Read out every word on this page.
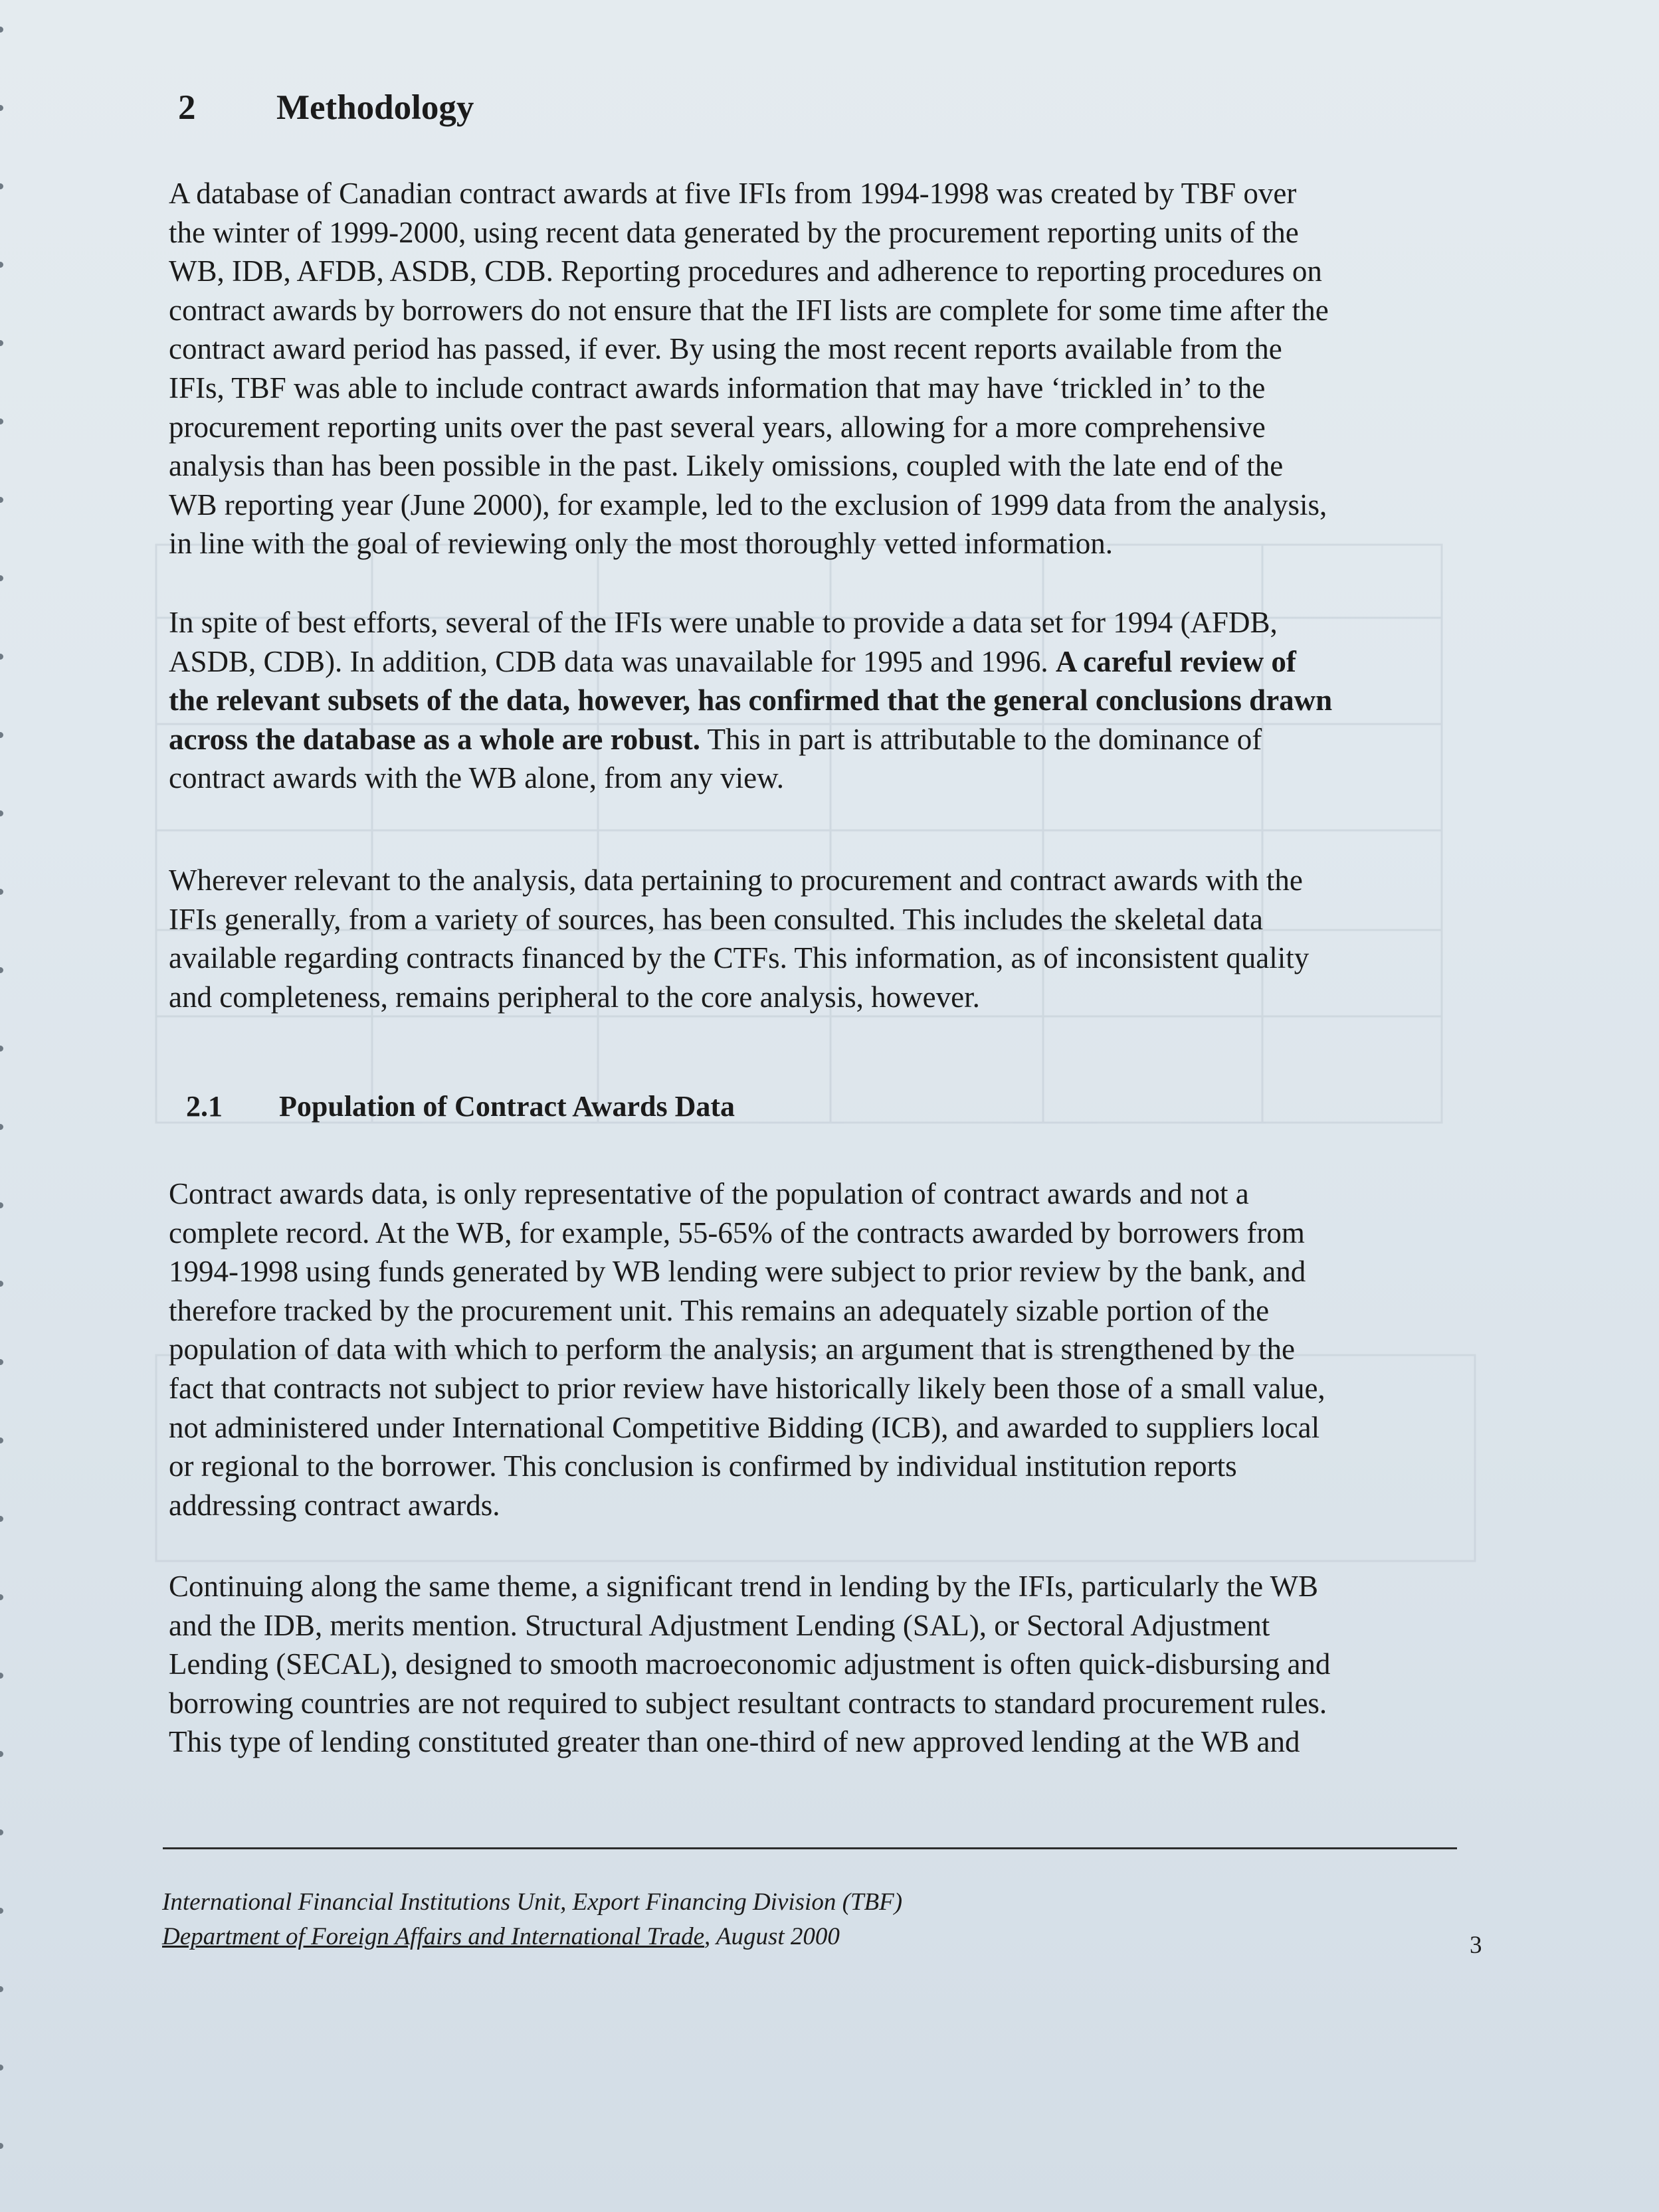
2 Methodology
A database of Canadian contract awards at five IFIs from 1994-1998 was created by TBF over
the winter of 1999-2000, using recent data generated by the procurement reporting units of the
WB, IDB, AFDB, ASDB, CDB. Reporting procedures and adherence to reporting procedures on
contract awards by borrowers do not ensure that the IFI lists are complete for some time after the
contract award period has passed, if ever. By using the most recent reports available from the
IFIs, TBF was able to include contract awards information that may have ‘trickled in’ to the
procurement reporting units over the past several years, allowing for a more comprehensive
analysis than has been possible in the past. Likely omissions, coupled with the late end of the
WB reporting year (June 2000), for example, led to the exclusion of 1999 data from the analysis,
in line with the goal of reviewing only the most thoroughly vetted information.
In spite of best efforts, several of the IFIs were unable to provide a data set for 1994 (AFDB,
ASDB, CDB). In addition, CDB data was unavailable for 1995 and 1996. A careful review of
the relevant subsets of the data, however, has confirmed that the general conclusions drawn
across the database as a whole are robust. This in part is attributable to the dominance of
contract awards with the WB alone, from any view.
Wherever relevant to the analysis, data pertaining to procurement and contract awards with the
IFIs generally, from a variety of sources, has been consulted. This includes the skeletal data
available regarding contracts financed by the CTFs. This information, as of inconsistent quality
and completeness, remains peripheral to the core analysis, however.
2.1 Population of Contract Awards Data
Contract awards data, is only representative of the population of contract awards and not a
complete record. At the WB, for example, 55-65% of the contracts awarded by borrowers from
1994-1998 using funds generated by WB lending were subject to prior review by the bank, and
therefore tracked by the procurement unit. This remains an adequately sizable portion of the
population of data with which to perform the analysis; an argument that is strengthened by the
fact that contracts not subject to prior review have historically likely been those of a small value,
not administered under International Competitive Bidding (ICB), and awarded to suppliers local
or regional to the borrower. This conclusion is confirmed by individual institution reports
addressing contract awards.
Continuing along the same theme, a significant trend in lending by the IFIs, particularly the WB
and the IDB, merits mention. Structural Adjustment Lending (SAL), or Sectoral Adjustment
Lending (SECAL), designed to smooth macroeconomic adjustment is often quick-disbursing and
borrowing countries are not required to subject resultant contracts to standard procurement rules.
This type of lending constituted greater than one-third of new approved lending at the WB and
International Financial Institutions Unit, Export Financing Division (TBF)
Department of Foreign Affairs and International Trade, August 2000	3
